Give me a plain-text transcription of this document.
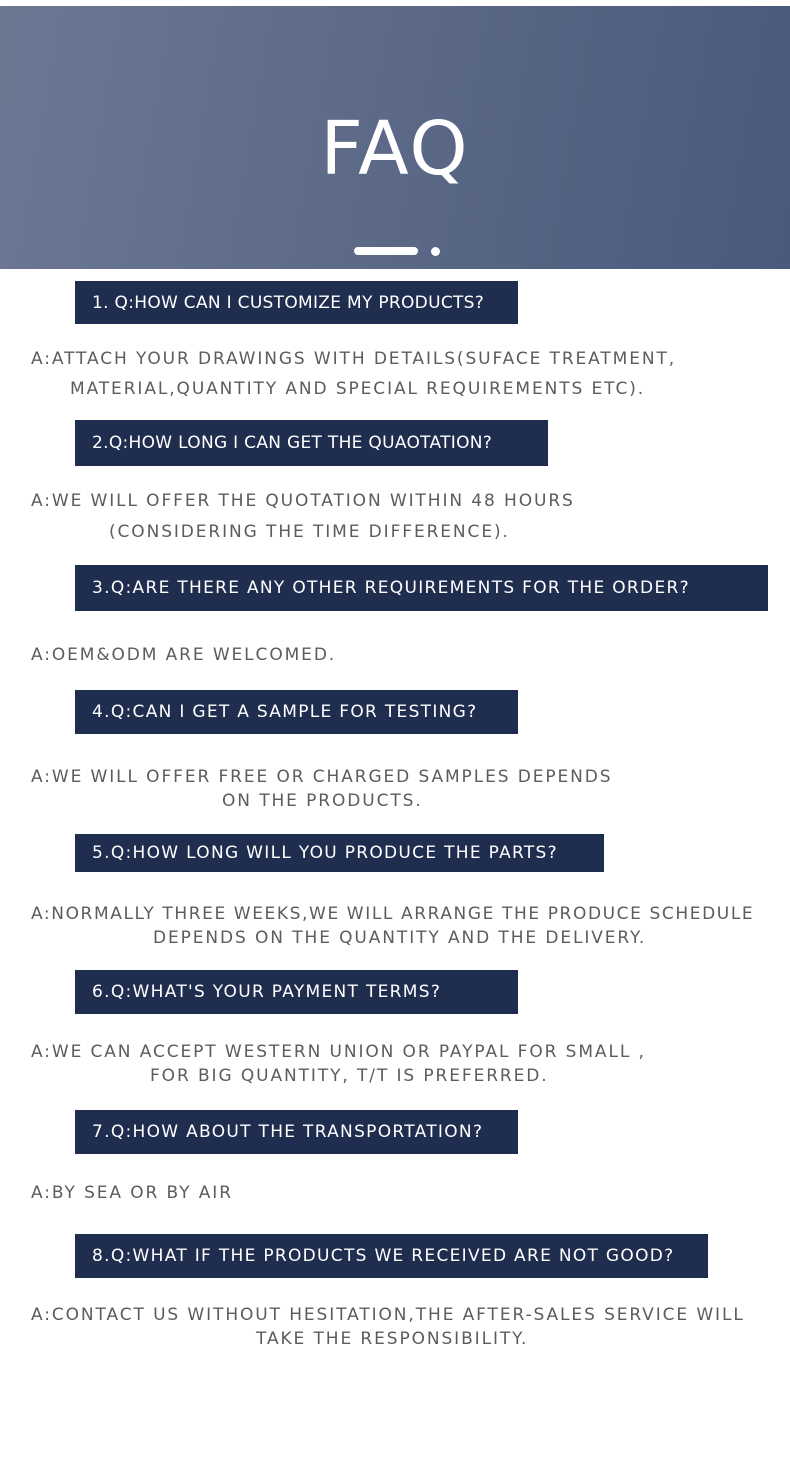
FAQ
1. Q:HOW CAN I CUSTOMIZE MY PRODUCTS?
A:ATTACH YOUR DRAWINGS WITH DETAILS(SUFACE TREATMENT,
MATERIAL,QUANTITY AND SPECIAL REQUIREMENTS ETC).
2.Q:HOW LONG I CAN GET THE QUAOTATION?
A:WE WILL OFFER THE QUOTATION WITHIN 48 HOURS
(CONSIDERING THE TIME DIFFERENCE).
3.Q:ARE THERE ANY OTHER REQUIREMENTS FOR THE ORDER?
A:OEM&ODM ARE WELCOMED.
4.Q:CAN I GET A SAMPLE FOR TESTING?
A:WE WILL OFFER FREE OR CHARGED SAMPLES DEPENDS
ON THE PRODUCTS.
5.Q:HOW LONG WILL YOU PRODUCE THE PARTS?
A:NORMALLY THREE WEEKS,WE WILL ARRANGE THE PRODUCE SCHEDULE
DEPENDS ON THE QUANTITY AND THE DELIVERY.
6.Q:WHAT'S YOUR PAYMENT TERMS?
A:WE CAN ACCEPT WESTERN UNION OR PAYPAL FOR SMALL ,
FOR BIG QUANTITY, T/T IS PREFERRED.
7.Q:HOW ABOUT THE TRANSPORTATION?
A:BY SEA OR BY AIR
8.Q:WHAT IF THE PRODUCTS WE RECEIVED ARE NOT GOOD?
A:CONTACT US WITHOUT HESITATION,THE AFTER-SALES SERVICE WILL
TAKE THE RESPONSIBILITY.
